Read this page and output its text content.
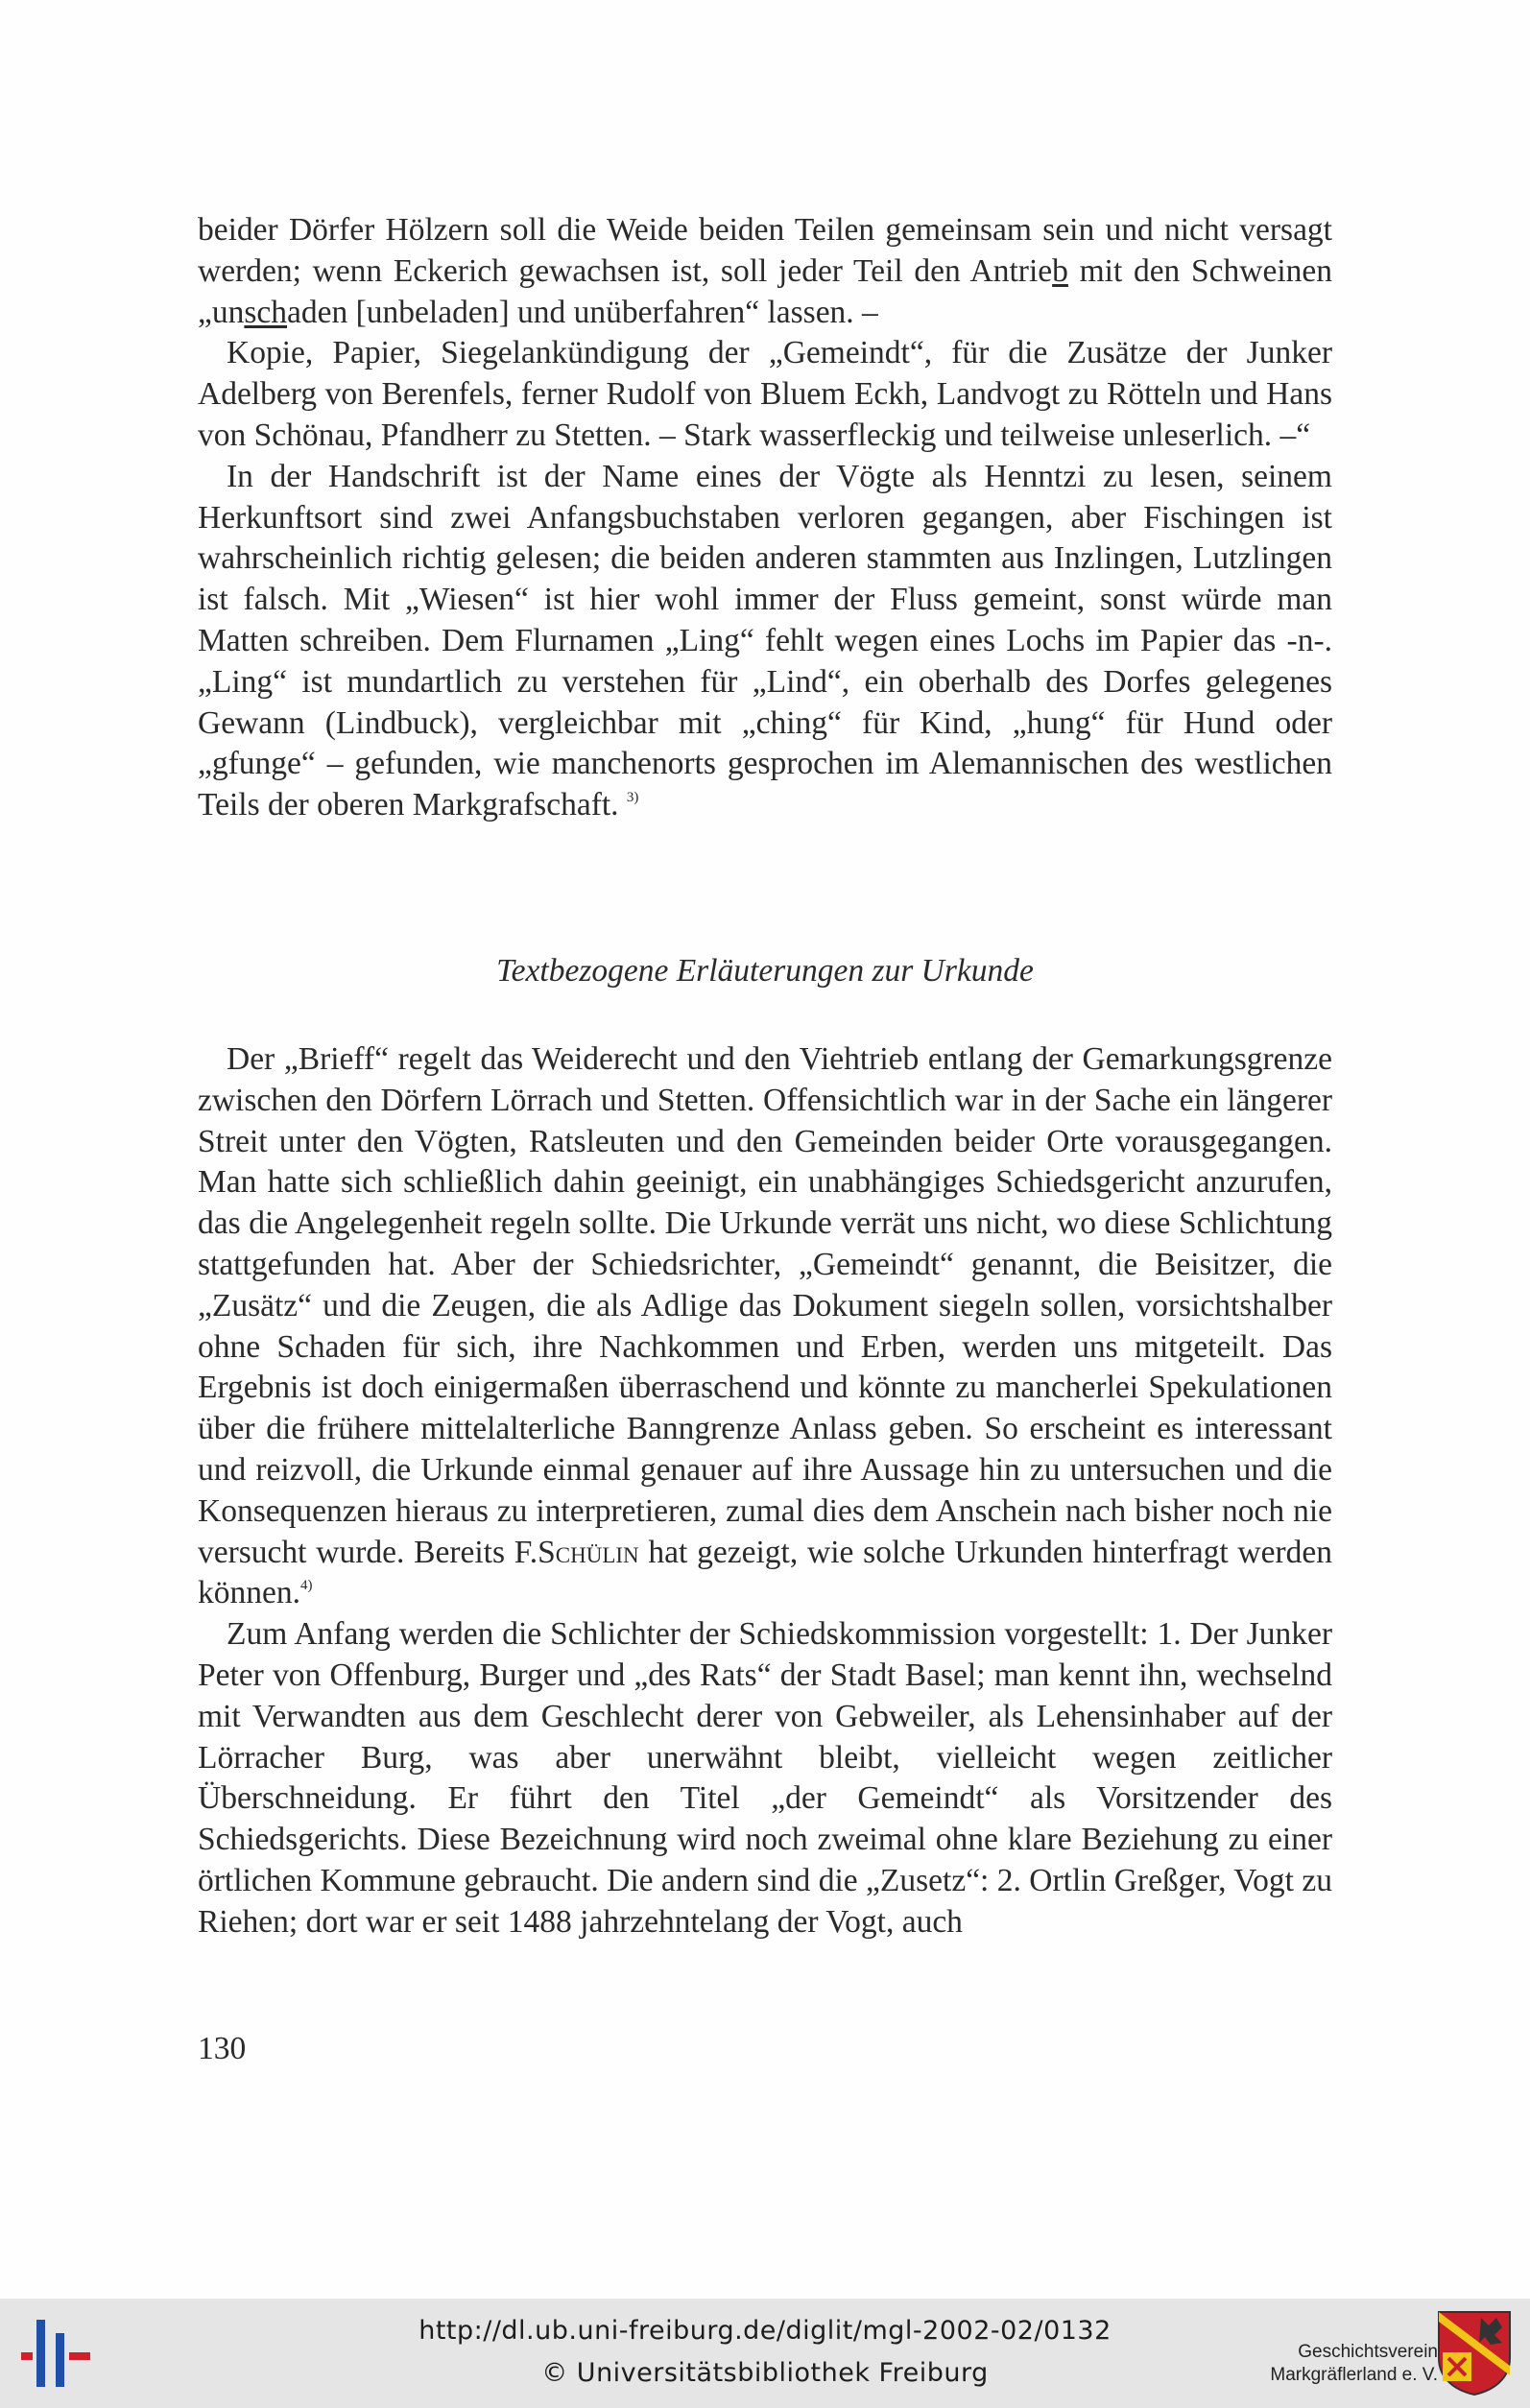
beider Dörfer Hölzern soll die Weide beiden Teilen gemeinsam sein und nicht versagt werden; wenn Eckerich gewachsen ist, soll jeder Teil den Antrieb mit den Schweinen „unschaden [unbeladen] und unüberfahren“ lassen. –

Kopie, Papier, Siegelankündigung der „Gemeindt“, für die Zusätze der Junker Adelberg von Berenfels, ferner Rudolf von Bluem Eckh, Landvogt zu Rötteln und Hans von Schönau, Pfandherr zu Stetten. – Stark wasserfleckig und teilweise unleserlich. –“

In der Handschrift ist der Name eines der Vögte als Henntzi zu lesen, seinem Herkunftsort sind zwei Anfangsbuchstaben verloren gegangen, aber Fischingen ist wahrscheinlich richtig gelesen; die beiden anderen stammten aus Inzlingen, Lutzlingen ist falsch. Mit „Wiesen“ ist hier wohl immer der Fluss gemeint, sonst würde man Matten schreiben. Dem Flurnamen „Ling“ fehlt wegen eines Lochs im Papier das -n-. „Ling“ ist mundartlich zu verstehen für „Lind“, ein oberhalb des Dorfes gelegenes Gewann (Lindbuck), vergleichbar mit „ching“ für Kind, „hung“ für Hund oder „gfunge“ – gefunden, wie manchenorts gesprochen im Alemannischen des westlichen Teils der oberen Markgrafschaft. $^{3)}$

Textbezogene Erläuterungen zur Urkunde

Der „Brieff“ regelt das Weiderecht und den Viehtrieb entlang der Gemarkungsgrenze zwischen den Dörfern Lörrach und Stetten. Offensichtlich war in der Sache ein längerer Streit unter den Vögten, Ratsleuten und den Gemeinden beider Orte vorausgegangen. Man hatte sich schließlich dahin geeinigt, ein unabhängiges Schiedsgericht anzurufen, das die Angelegenheit regeln sollte. Die Urkunde verrät uns nicht, wo diese Schlichtung stattgefunden hat. Aber der Schiedsrichter, „Gemeindt“ genannt, die Beisitzer, die „Zusätz“ und die Zeugen, die als Adlige das Dokument siegeln sollen, vorsichtshalber ohne Schaden für sich, ihre Nachkommen und Erben, werden uns mitgeteilt. Das Ergebnis ist doch einigermaßen überraschend und könnte zu mancherlei Spekulationen über die frühere mittelalterliche Banngrenze Anlass geben. So erscheint es interessant und reizvoll, die Urkunde einmal genauer auf ihre Aussage hin zu untersuchen und die Konsequenzen hieraus zu interpretieren, zumal dies dem Anschein nach bisher noch nie versucht wurde. Bereits F.Schülin hat gezeigt, wie solche Urkunden hinterfragt werden können.$^{4)}$

Zum Anfang werden die Schlichter der Schiedskommission vorgestellt: 1. Der Junker Peter von Offenburg, Burger und „des Rats“ der Stadt Basel; man kennt ihn, wechselnd mit Verwandten aus dem Geschlecht derer von Gebweiler, als Lehensinhaber auf der Lörracher Burg, was aber unerwähnt bleibt, vielleicht wegen zeitlicher Überschneidung. Er führt den Titel „der Gemeindt“ als Vorsitzender des Schiedsgerichts. Diese Bezeichnung wird noch zweimal ohne klare Beziehung zu einer örtlichen Kommune gebraucht. Die andern sind die „Zusetz“: 2. Ortlin Greßger, Vogt zu Riehen; dort war er seit 1488 jahrzehntelang der Vogt, auch

130
http://dl.ub.uni-freiburg.de/diglit/mgl-2002-02/0132
© Universitätsbibliothek Freiburg
Geschichtsverein
Markgräflerland e. V.
